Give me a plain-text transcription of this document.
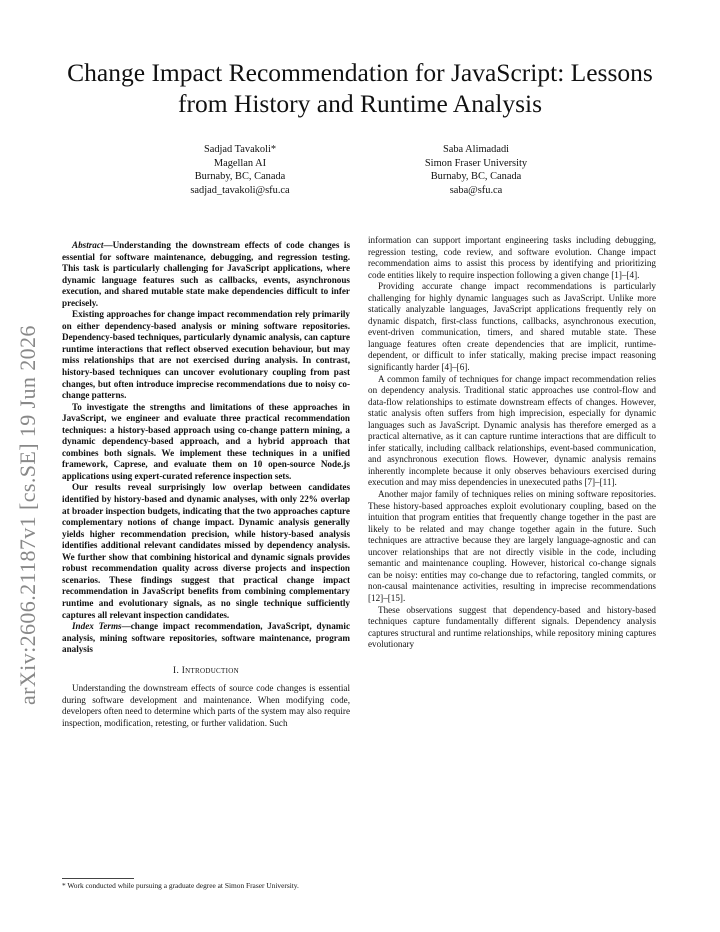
arXiv:2606.21187v1 [cs.SE] 19 Jun 2026
Change Impact Recommendation for JavaScript: Lessons from History and Runtime Analysis
Sadjad Tavakoli*
Magellan AI
Burnaby, BC, Canada
sadjad_tavakoli@sfu.ca
Saba Alimadadi
Simon Fraser University
Burnaby, BC, Canada
saba@sfu.ca

Abstract—Understanding the downstream effects of code changes is essential for software maintenance, debugging, and regression testing. This task is particularly challenging for JavaScript applications, where dynamic language features such as callbacks, events, asynchronous execution, and shared mutable state make dependencies difficult to infer precisely.

Existing approaches for change impact recommendation rely primarily on either dependency-based analysis or mining software repositories. Dependency-based techniques, particularly dynamic analysis, can capture runtime interactions that reflect observed execution behaviour, but may miss relationships that are not exercised during analysis. In contrast, history-based techniques can uncover evolutionary coupling from past changes, but often introduce imprecise recommendations due to noisy co-change patterns.

To investigate the strengths and limitations of these approaches in JavaScript, we engineer and evaluate three practical recommendation techniques: a history-based approach using co-change pattern mining, a dynamic dependency-based approach, and a hybrid approach that combines both signals. We implement these techniques in a unified framework, Caprese, and evaluate them on 10 open-source Node.js applications using expert-curated reference inspection sets.

Our results reveal surprisingly low overlap between candidates identified by history-based and dynamic analyses, with only 22% overlap at broader inspection budgets, indicating that the two approaches capture complementary notions of change impact. Dynamic analysis generally yields higher recommendation precision, while history-based analysis identifies additional relevant candidates missed by dependency analysis. We further show that combining historical and dynamic signals provides robust recommendation quality across diverse projects and inspection scenarios. These findings suggest that practical change impact recommendation in JavaScript benefits from combining complementary runtime and evolutionary signals, as no single technique sufficiently captures all relevant inspection candidates.

Index Terms—change impact recommendation, JavaScript, dynamic analysis, mining software repositories, software maintenance, program analysis

I. Introduction

Understanding the downstream effects of source code changes is essential during software development and maintenance. When modifying code, developers often need to determine which parts of the system may also require inspection, modification, retesting, or further validation. Such

* Work conducted while pursuing a graduate degree at Simon Fraser University.

information can support important engineering tasks including debugging, regression testing, code review, and software evolution. Change impact recommendation aims to assist this process by identifying and prioritizing code entities likely to require inspection following a given change [1]–[4].

Providing accurate change impact recommendations is particularly challenging for highly dynamic languages such as JavaScript. Unlike more statically analyzable languages, JavaScript applications frequently rely on dynamic dispatch, first-class functions, callbacks, asynchronous execution, event-driven communication, timers, and shared mutable state. These language features often create dependencies that are implicit, runtime-dependent, or difficult to infer statically, making precise impact reasoning significantly harder [4]–[6].

A common family of techniques for change impact recommendation relies on dependency analysis. Traditional static approaches use control-flow and data-flow relationships to estimate downstream effects of changes. However, static analysis often suffers from high imprecision, especially for dynamic languages such as JavaScript. Dynamic analysis has therefore emerged as a practical alternative, as it can capture runtime interactions that are difficult to infer statically, including callback relationships, event-based communication, and asynchronous execution flows. However, dynamic analysis remains inherently incomplete because it only observes behaviours exercised during execution and may miss dependencies in unexecuted paths [7]–[11].

Another major family of techniques relies on mining software repositories. These history-based approaches exploit evolutionary coupling, based on the intuition that program entities that frequently change together in the past are likely to be related and may change together again in the future. Such techniques are attractive because they are largely language-agnostic and can uncover relationships that are not directly visible in the code, including semantic and maintenance coupling. However, historical co-change signals can be noisy: entities may co-change due to refactoring, tangled commits, or non-causal maintenance activities, resulting in imprecise recommendations [12]–[15].

These observations suggest that dependency-based and history-based techniques capture fundamentally different signals. Dependency analysis captures structural and runtime relationships, while repository mining captures evolutionary
